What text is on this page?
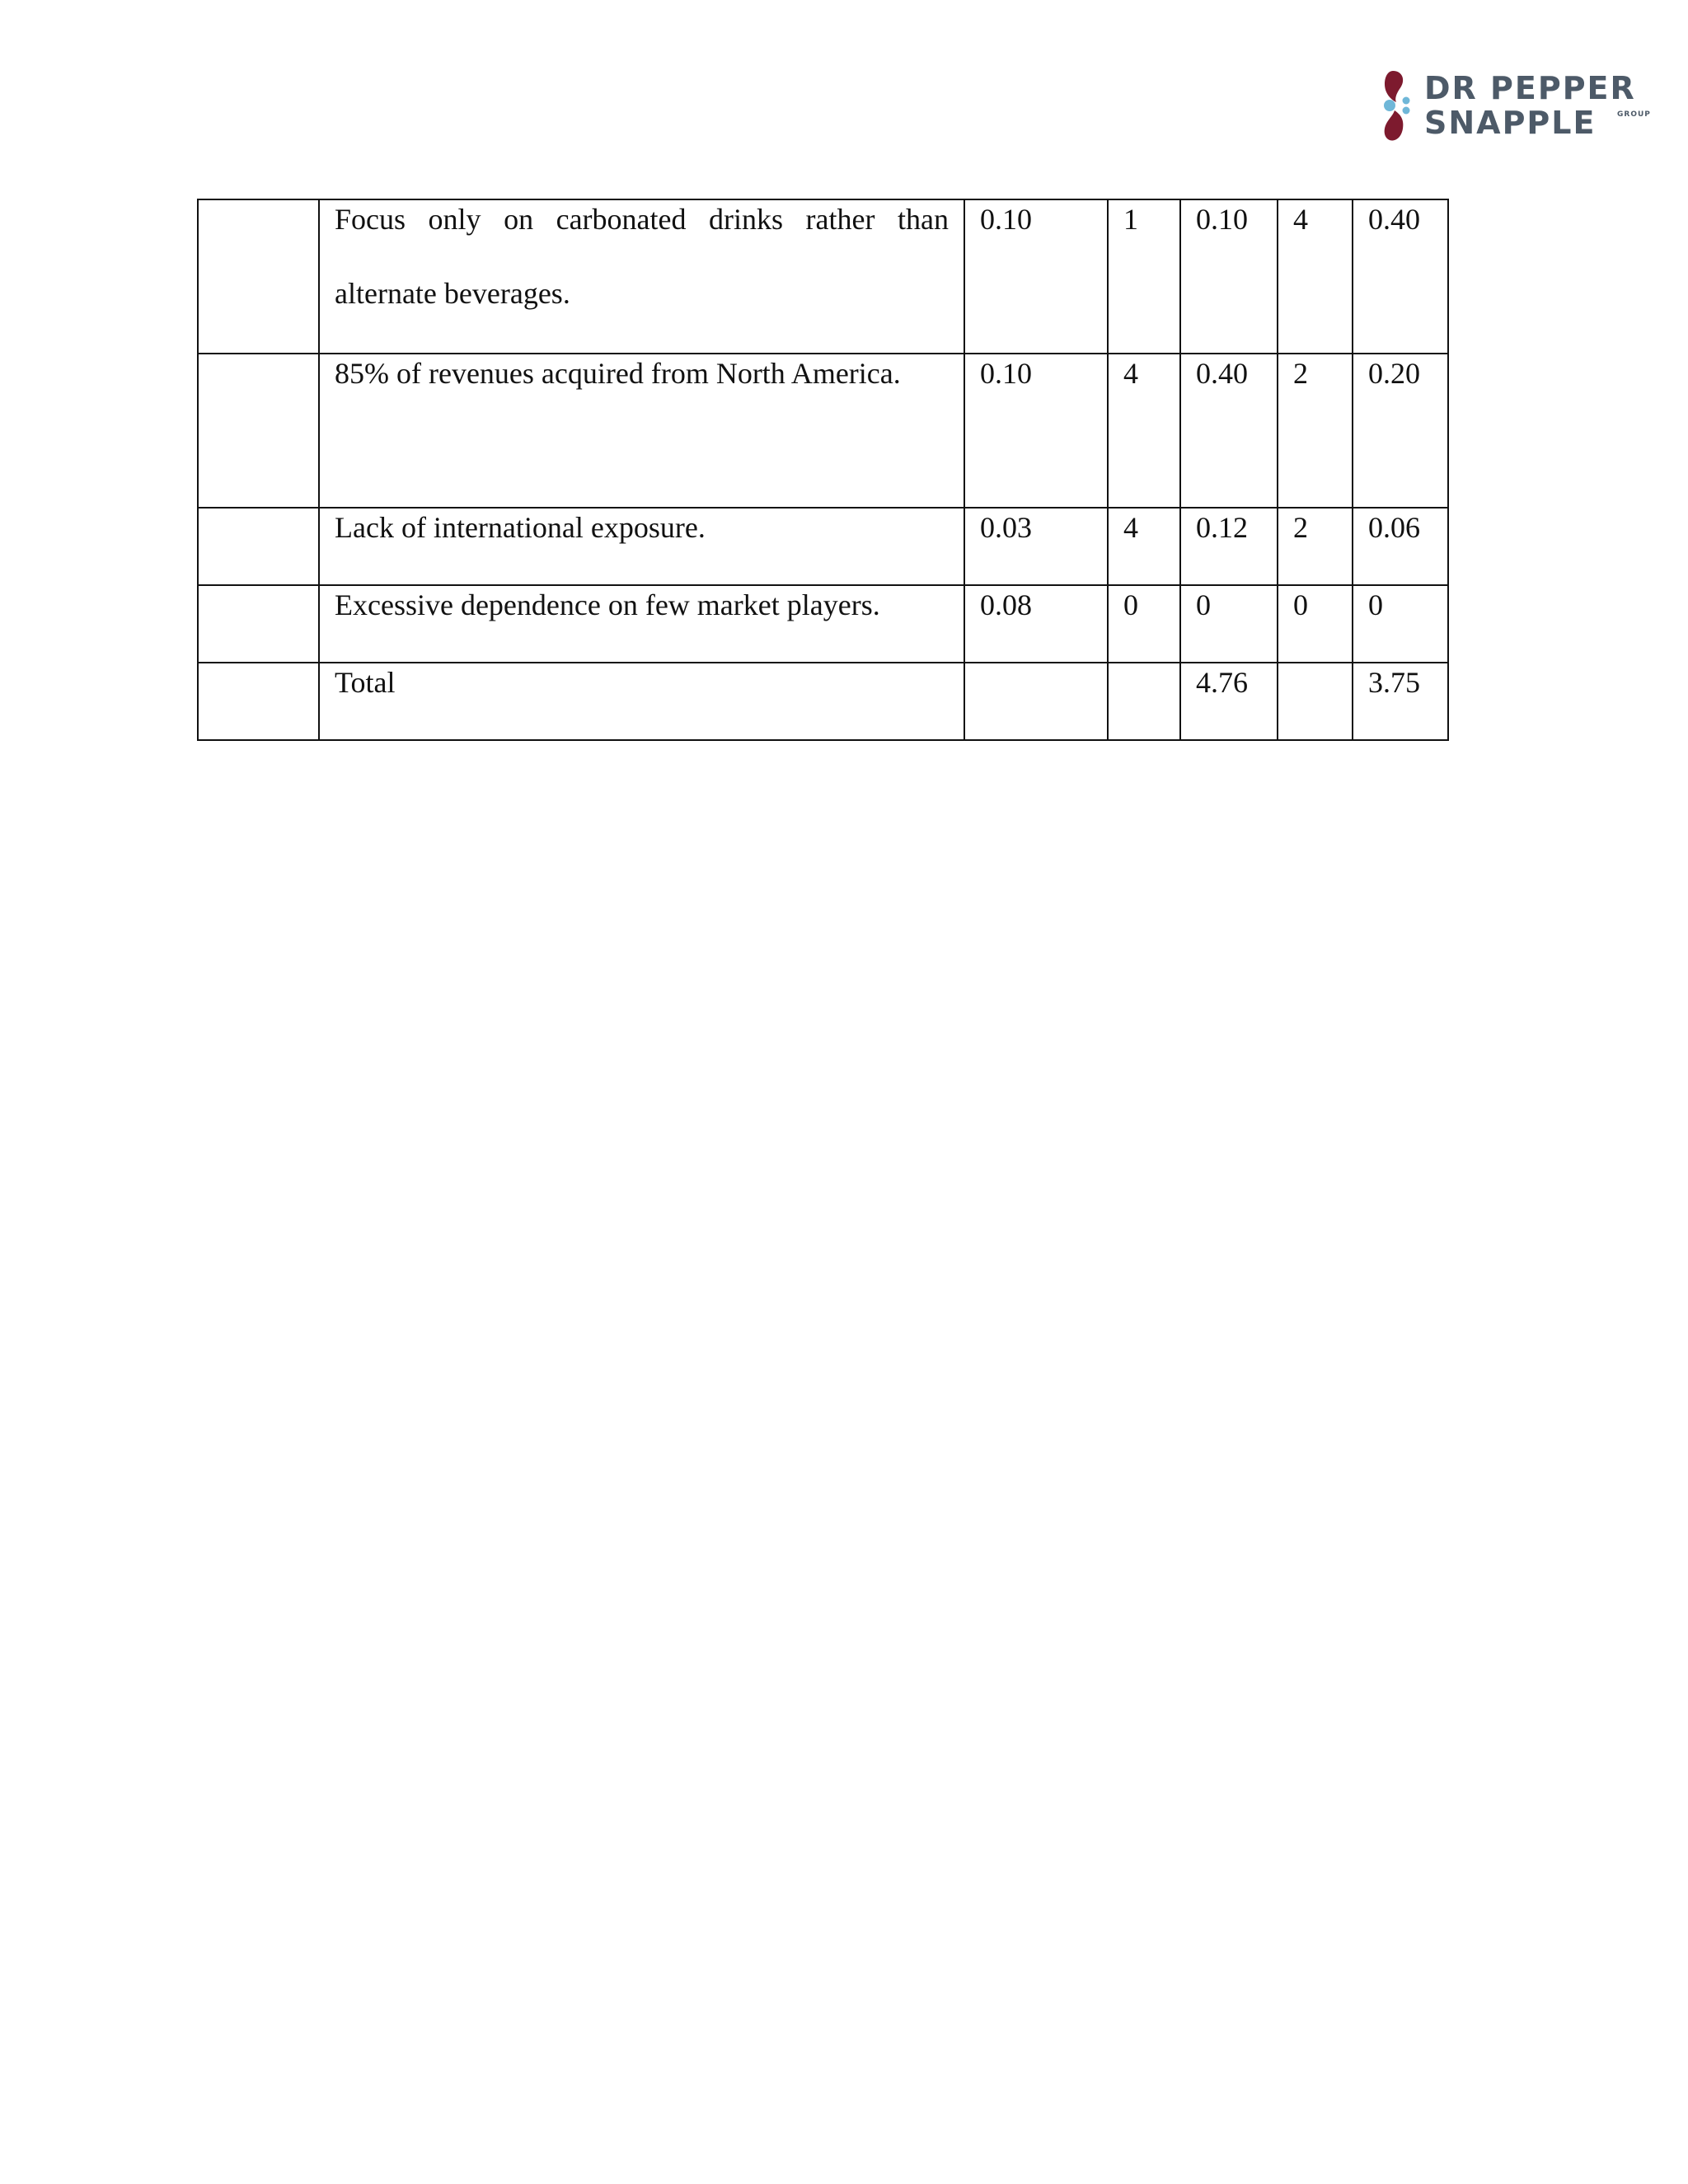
DR PEPPER
SNAPPLE	GROUP

	Focus only on carbonated drinks rather than alternate beverages.	0.10	1	0.10	4	0.40

	85% of revenues acquired from North America.	0.10	4	0.40	2	0.20

	Lack of international exposure.	0.03	4	0.12	2	0.06

	Excessive dependence on few market players.	0.08	0	0	0	0

	Total			4.76		3.75
